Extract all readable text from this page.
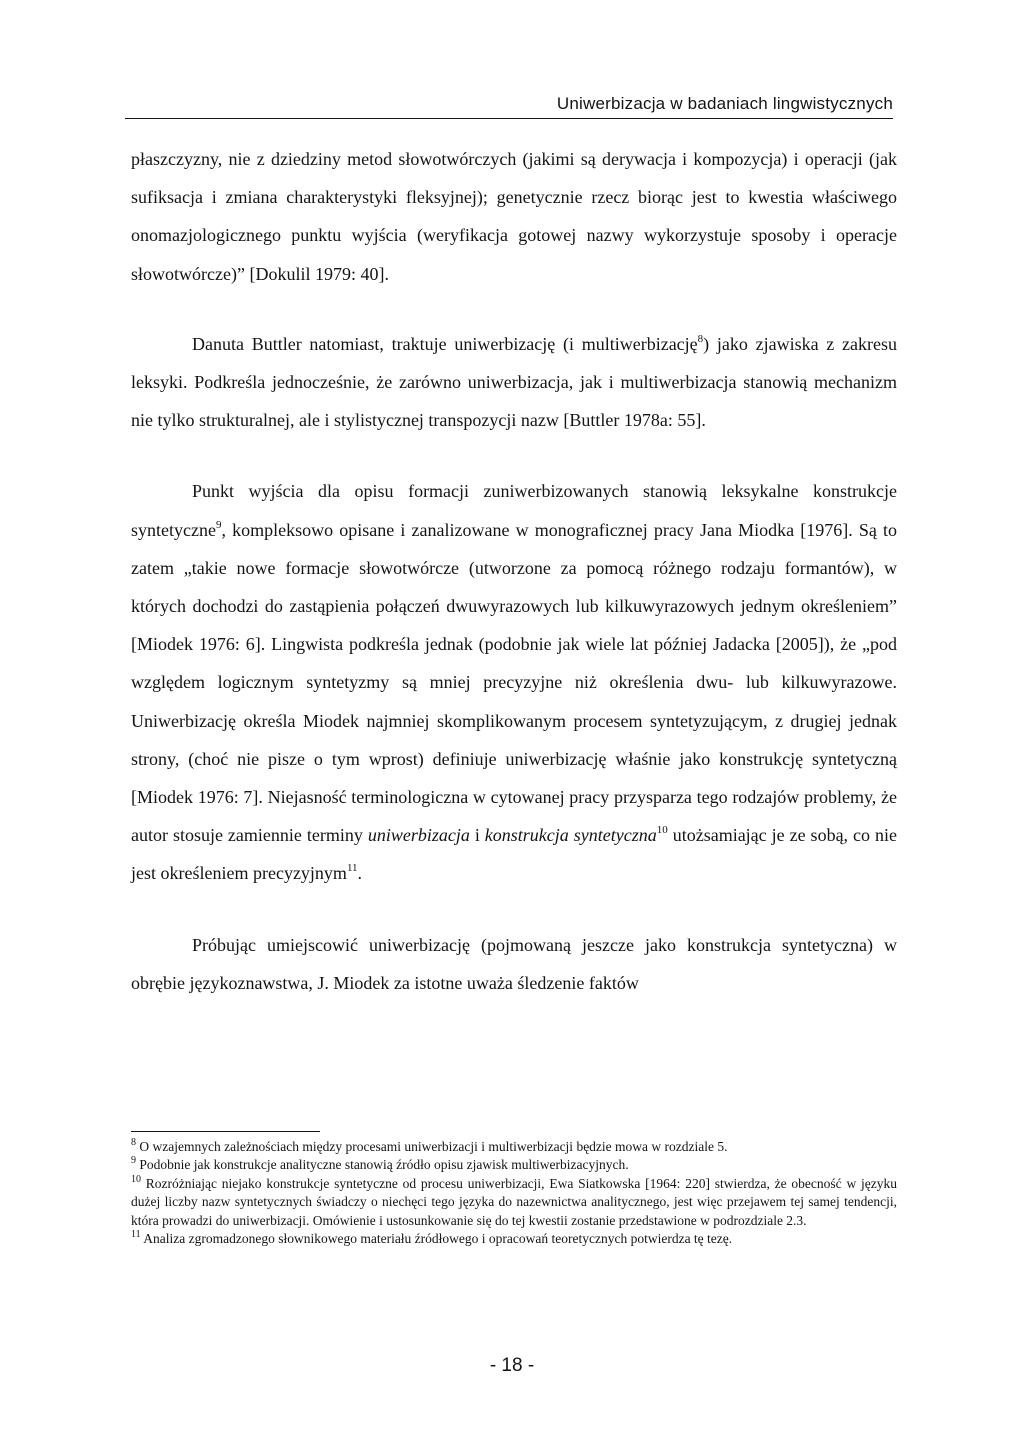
Uniwerbizacja w badaniach lingwistycznych

płaszczyzny, nie z dziedziny metod słowotwórczych (jakimi są derywacja i kompozycja) i operacji (jak sufiksacja i zmiana charakterystyki fleksyjnej); genetycznie rzecz biorąc jest to kwestia właściwego onomazjologicznego punktu wyjścia (weryfikacja gotowej nazwy wykorzystuje sposoby i operacje słowotwórcze)” [Dokulil 1979: 40].

Danuta Buttler natomiast, traktuje uniwerbizację (i multiwerbizację$^8$) jako zjawiska z zakresu leksyki. Podkreśla jednocześnie, że zarówno uniwerbizacja, jak i multiwerbizacja stanowią mechanizm nie tylko strukturalnej, ale i stylistycznej transpozycji nazw [Buttler 1978a: 55].

Punkt wyjścia dla opisu formacji zuniwerbizowanych stanowią leksykalne konstrukcje syntetyczne$^9$, kompleksowo opisane i zanalizowane w monograficznej pracy Jana Miodka [1976]. Są to zatem „takie nowe formacje słowotwórcze (utworzone za pomocą różnego rodzaju formantów), w których dochodzi do zastąpienia połączeń dwuwyrazowych lub kilkuwyrazowych jednym określeniem” [Miodek 1976: 6]. Lingwista podkreśla jednak (podobnie jak wiele lat później Jadacka [2005]), że „pod względem logicznym syntetyzmy są mniej precyzyjne niż określenia dwu- lub kilkuwyrazowe. Uniwerbizację określa Miodek najmniej skomplikowanym procesem syntetyzującym, z drugiej jednak strony, (choć nie pisze o tym wprost) definiuje uniwerbizację właśnie jako konstrukcję syntetyczną [Miodek 1976: 7]. Niejasność terminologiczna w cytowanej pracy przysparza tego rodzajów problemy, że autor stosuje zamiennie terminy uniwerbizacja i konstrukcja syntetyczna$^{10}$ utożsamiając je ze sobą, co nie jest określeniem precyzyjnym$^{11}$.

Próbując umiejscowić uniwerbizację (pojmowaną jeszcze jako konstrukcja syntetyczna) w obrębie językoznawstwa, J. Miodek za istotne uważa śledzenie faktów

$^8$ O wzajemnych zależnościach między procesami uniwerbizacji i multiwerbizacji będzie mowa w rozdziale 5.

$^9$ Podobnie jak konstrukcje analityczne stanowią źródło opisu zjawisk multiwerbizacyjnych.

$^{10}$ Rozróżniając niejako konstrukcje syntetyczne od procesu uniwerbizacji, Ewa Siatkowska [1964: 220] stwierdza, że obecność w języku dużej liczby nazw syntetycznych świadczy o niechęci tego języka do nazewnictwa analitycznego, jest więc przejawem tej samej tendencji, która prowadzi do uniwerbizacji. Omówienie i ustosunkowanie się do tej kwestii zostanie przedstawione w podrozdziale 2.3.

$^{11}$ Analiza zgromadzonego słownikowego materiału źródłowego i opracowań teoretycznych potwierdza tę tezę.

- 18 -
